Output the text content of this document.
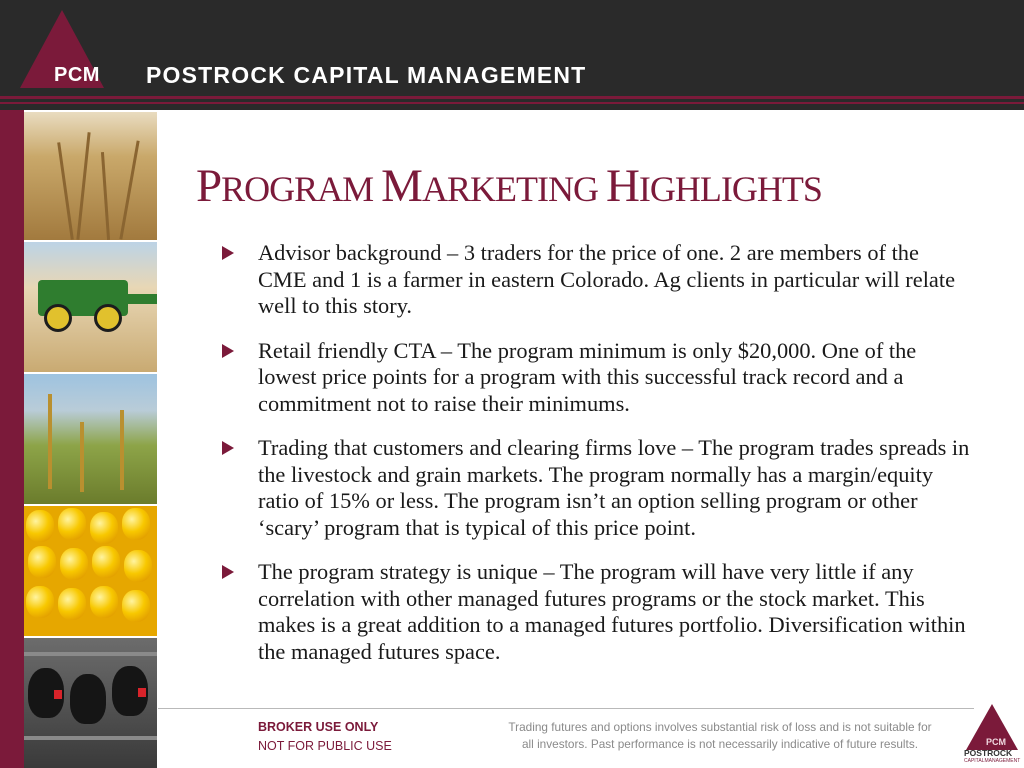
PCM POSTROCK CAPITAL MANAGEMENT
PROGRAM MARKETING HIGHLIGHTS
Advisor background – 3 traders for the price of one. 2 are members of the CME and 1 is a farmer in eastern Colorado. Ag clients in particular will relate well to this story.
Retail friendly CTA – The program minimum is only $20,000. One of the lowest price points for a program with this successful track record and a commitment not to raise their minimums.
Trading that customers and clearing firms love – The program trades spreads in the livestock and grain markets. The program normally has a margin/equity ratio of 15% or less. The program isn’t an option selling program or other ‘scary’ program that is typical of this price point.
The program strategy is unique – The program will have very little if any correlation with other managed futures programs or the stock market. This makes is a great addition to a managed futures portfolio. Diversification within the managed futures space.
BROKER USE ONLY
NOT FOR PUBLIC USE
Trading futures and options involves substantial risk of loss and is not suitable for
all investors. Past performance is not necessarily indicative of future results.	PCM
POSTROCK
CAPITALMANAGEMENT
